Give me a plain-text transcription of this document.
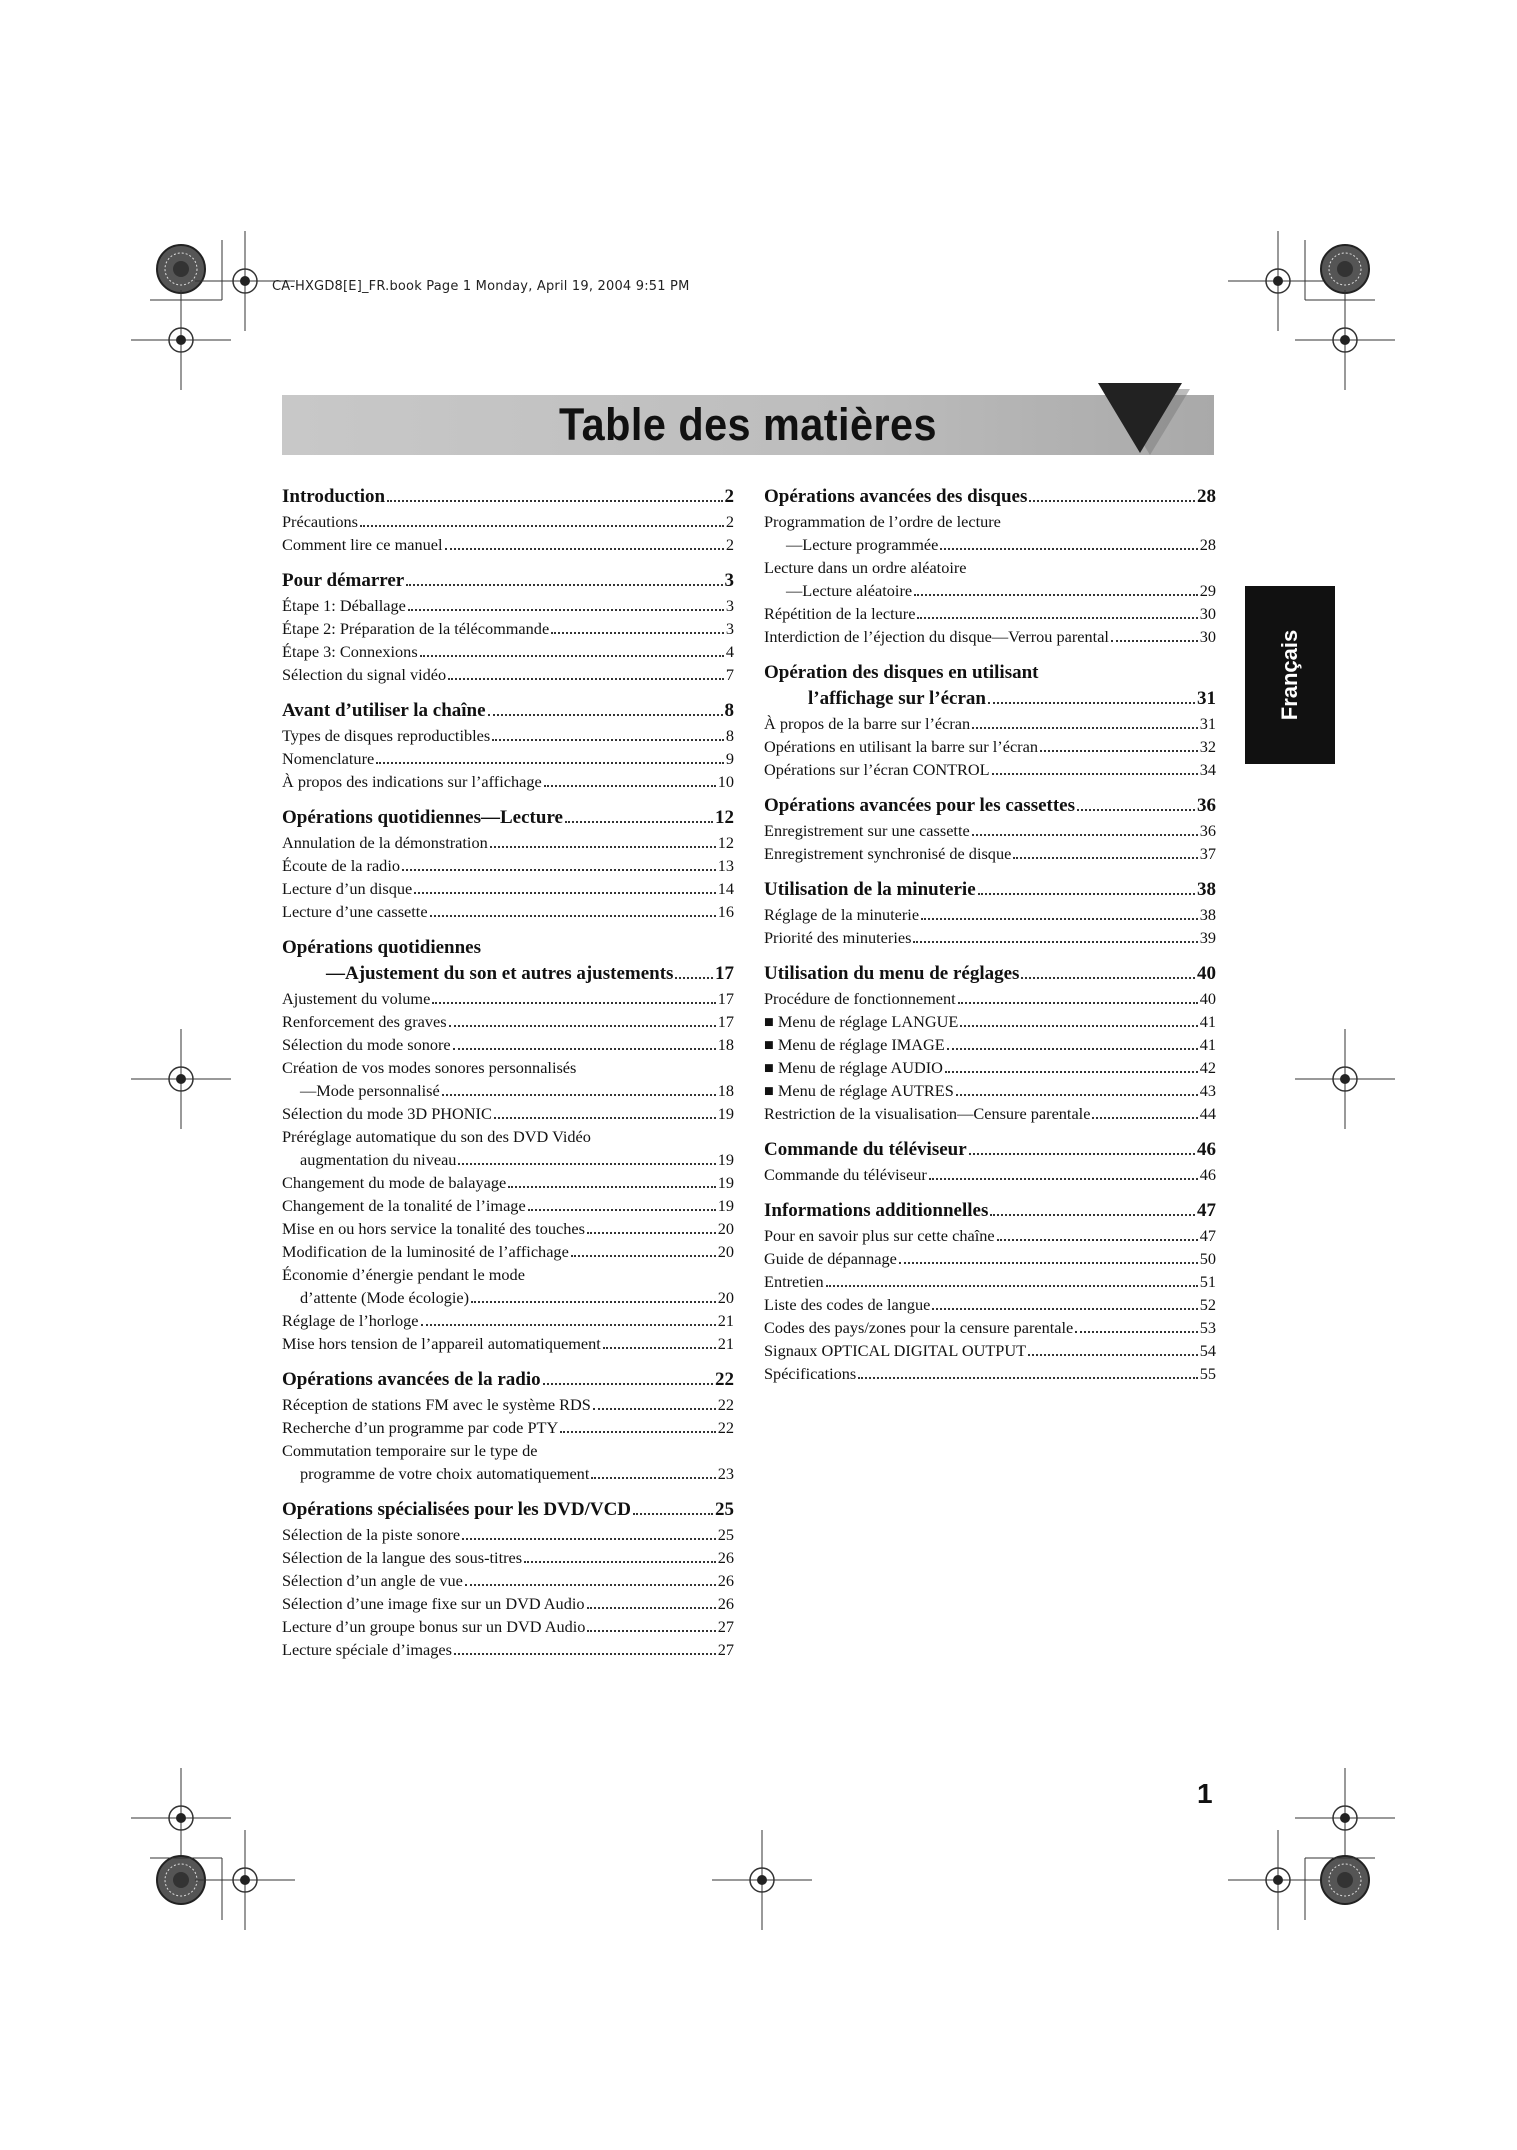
CA-HXGD8[E]_FR.book Page 1 Monday, April 19, 2004 9:51 PM
Table des matières
Français
Introduction	2
Précautions	2
Comment lire ce manuel	2
Pour démarrer	3
Étape 1: Déballage	3
Étape 2: Préparation de la télécommande	3
Étape 3: Connexions	4
Sélection du signal vidéo	7
Avant d’utiliser la chaîne	8
Types de disques reproductibles	8
Nomenclature	9
À propos des indications sur l’affichage	10
Opérations quotidiennes—Lecture	12
Annulation de la démonstration	12
Écoute de la radio	13
Lecture d’un disque	14
Lecture d’une cassette	16
Opérations quotidiennes
—Ajustement du son et autres ajustements 17
Ajustement du volume	17
Renforcement des graves	17
Sélection du mode sonore	18
Création de vos modes sonores personnalisés
—Mode personnalisé	18
Sélection du mode 3D PHONIC	19
Préréglage automatique du son des DVD Vidéo
augmentation du niveau	19
Changement du mode de balayage	19
Changement de la tonalité de l’image	19
Mise en ou hors service la tonalité des touches	20
Modification de la luminosité de l’affichage	20
Économie d’énergie pendant le mode
d’attente (Mode écologie)	20
Réglage de l’horloge	21
Mise hors tension de l’appareil automatiquement	21
Opérations avancées de la radio	22
Réception de stations FM avec le système RDS	22
Recherche d’un programme par code PTY	22
Commutation temporaire sur le type de
programme de votre choix automatiquement	23
Opérations spécialisées pour les DVD/VCD	25
Sélection de la piste sonore	25
Sélection de la langue des sous-titres	26
Sélection d’un angle de vue	26
Sélection d’une image fixe sur un DVD Audio	26
Lecture d’un groupe bonus sur un DVD Audio	27
Lecture spéciale d’images	27
Opérations avancées des disques	28
Programmation de l’ordre de lecture
—Lecture programmée	28
Lecture dans un ordre aléatoire
—Lecture aléatoire	29
Répétition de la lecture	30
Interdiction de l’éjection du disque—Verrou parental	30
Opération des disques en utilisant
l’affichage sur l’écran	31
À propos de la barre sur l’écran	31
Opérations en utilisant la barre sur l’écran	32
Opérations sur l’écran CONTROL	34
Opérations avancées pour les cassettes	36
Enregistrement sur une cassette	36
Enregistrement synchronisé de disque	37
Utilisation de la minuterie	38
Réglage de la minuterie	38
Priorité des minuteries	39
Utilisation du menu de réglages	40
Procédure de fonctionnement	40
■ Menu de réglage LANGUE	41
■ Menu de réglage IMAGE	41
■ Menu de réglage AUDIO	42
■ Menu de réglage AUTRES	43
Restriction de la visualisation—Censure parentale	44
Commande du téléviseur	46
Commande du téléviseur	46
Informations additionnelles	47
Pour en savoir plus sur cette chaîne	47
Guide de dépannage	50
Entretien	51
Liste des codes de langue	52
Codes des pays/zones pour la censure parentale	53
Signaux OPTICAL DIGITAL OUTPUT	54
Spécifications	55
1
